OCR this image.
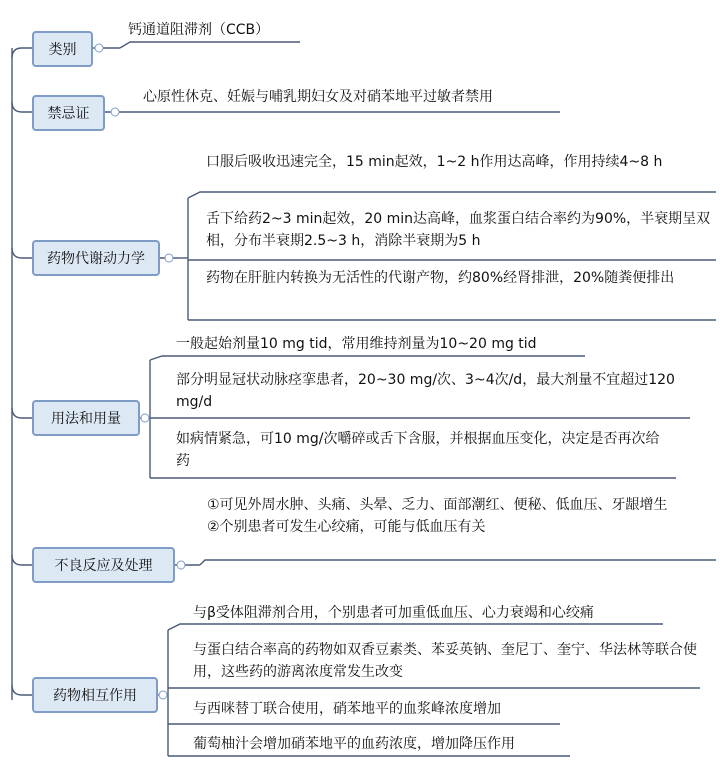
类别
禁忌证
药物代谢动力学
用法和用量
不良反应及处理
药物相互作用
钙通道阻滞剂（CCB）
心原性休克、妊娠与哺乳期妇女及对硝苯地平过敏者禁用
口服后吸收迅速完全，15 min起效，1~2 h作用达高峰，作用持续4~8 h
舌下给药2~3 min起效，20 min达高峰，血浆蛋白结合率约为90%，半衰期呈双相，分布半衰期2.5~3 h，消除半衰期为5 h
药物在肝脏内转换为无活性的代谢产物，约80%经肾排泄，20%随粪便排出
一般起始剂量10 mg tid，常用维持剂量为10~20 mg tid
部分明显冠状动脉痉挛患者，20~30 mg/次、3~4次/d，最大剂量不宜超过120 mg/d
如病情紧急，可10 mg/次嚼碎或舌下含服，并根据血压变化，决定是否再次给药
①可见外周水肿、头痛、头晕、乏力、面部潮红、便秘、低血压、牙龈增生
②个别患者可发生心绞痛，可能与低血压有关
与β受体阻滞剂合用，个别患者可加重低血压、心力衰竭和心绞痛
与蛋白结合率高的药物如双香豆素类、苯妥英钠、奎尼丁、奎宁、华法林等联合使用，这些药的游离浓度常发生改变
与西咪替丁联合使用，硝苯地平的血浆峰浓度增加
葡萄柚汁会增加硝苯地平的血药浓度，增加降压作用
